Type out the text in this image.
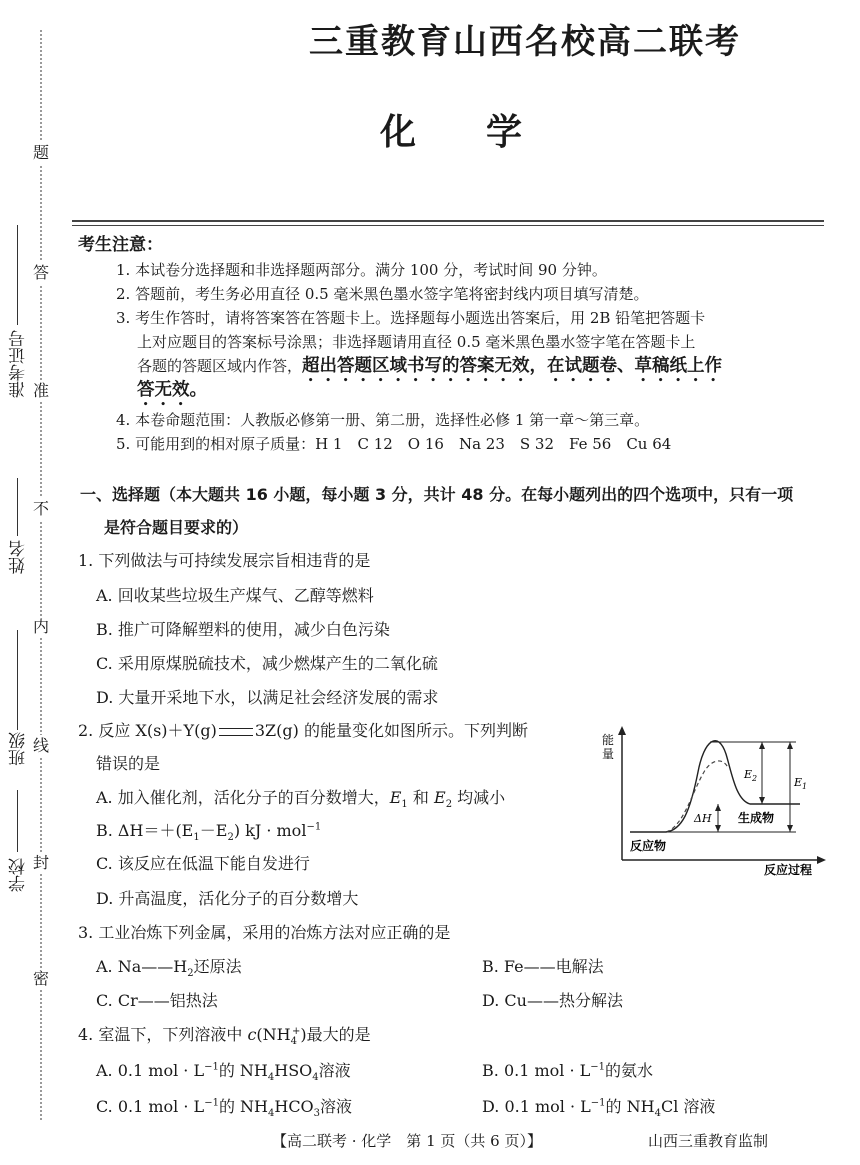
题
答
准
不
内
线
封
密
准考证号
姓名
班级
学校
三重教育山西名校高二联考
化学
考生注意：
1. 本试卷分选择题和非选择题两部分。满分 100 分，考试时间 90 分钟。
2. 答题前，考生务必用直径 0.5 毫米黑色墨水签字笔将密封线内项目填写清楚。
3. 考生作答时，请将答案答在答题卡上。选择题每小题选出答案后，用 2B 铅笔把答题卡
上对应题目的答案标号涂黑；非选择题请用直径 0.5 毫米黑色墨水签字笔在答题卡上
各题的答题区域内作答，超出答题区域书写的答案无效，在试题卷、草稿纸上作
答无效。
4. 本卷命题范围：人教版必修第一册、第二册，选择性必修 1 第一章～第三章。
5. 可能用到的相对原子质量：H 1　C 12　O 16　Na 23　S 32　Fe 56　Cu 64
一、选择题（本大题共 16 小题，每小题 3 分，共计 48 分。在每小题列出的四个选项中，只有一项
是符合题目要求的）
1. 下列做法与可持续发展宗旨相违背的是
A. 回收某些垃圾生产煤气、乙醇等燃料
B. 推广可降解塑料的使用，减少白色污染
C. 采用原煤脱硫技术，减少燃煤产生的二氧化硫
D. 大量开采地下水，以满足社会经济发展的需求
2. 反应 X(s)＋Y(g) 3Z(g) 的能量变化如图所示。下列判断
错误的是
A. 加入催化剂，活化分子的百分数增大，$E_1$ 和 $E_2$ 均减小
B. $\Delta H=+(E_1-E_2)$ kJ · mol$^{-1}$
C. 该反应在低温下能自发进行
D. 升高温度，活化分子的百分数增大
能
量
反应过程
反应物
生成物
ΔH
$E_2$	$E_1$
3. 工业冶炼下列金属，采用的冶炼方法对应正确的是
A. $Na——H_2$还原法	B. Fe——电解法
C. Cr——铝热法	D. Cu——热分解法
4. 室温下，下列溶液中 $c(NH_4^+)$最大的是
A. 0.1 mol · $L^{-1}$的 $NH_4HSO_4$溶液	B. 0.1 mol · $L^{-1}$的氨水
C. 0.1 mol · $L^{-1}$的 $NH_4HCO_3$溶液	D. 0.1 mol · $L^{-1}$的 $NH_4Cl$ 溶液
【高二联考 · 化学　第 1 页（共 6 页）】	山西三重教育监制
